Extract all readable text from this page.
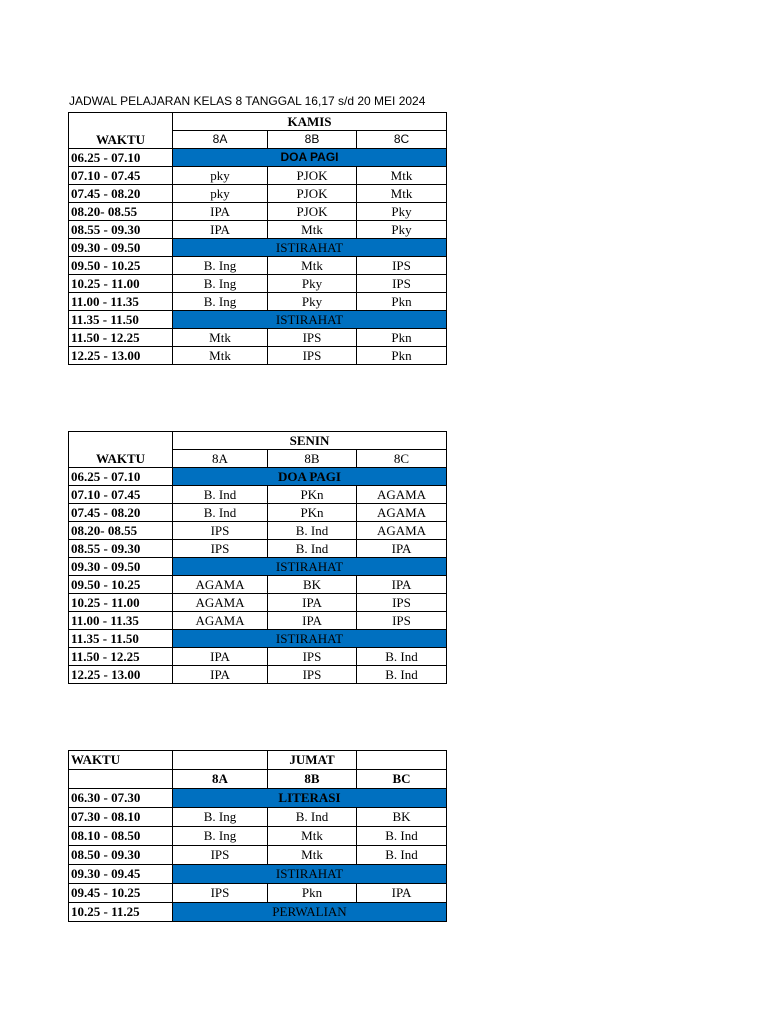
JADWAL PELAJARAN KELAS 8 TANGGAL 16,17 s/d 20 MEI 2024
WAKTU	KAMIS		
	8A	8B	8C
06.25 - 07.10	DOA PAGI		
07.10 - 07.45	pky	PJOK	Mtk
07.45 - 08.20	pky	PJOK	Mtk
08.20- 08.55	IPA	PJOK	Pky
08.55 - 09.30	IPA	Mtk	Pky
09.30 - 09.50	ISTIRAHAT		
09.50 - 10.25	B. Ing	Mtk	IPS
10.25 - 11.00	B. Ing	Pky	IPS
11.00 - 11.35	B. Ing	Pky	Pkn
11.35 - 11.50	ISTIRAHAT		
11.50 - 12.25	Mtk	IPS	Pkn
12.25 - 13.00	Mtk	IPS	Pkn
WAKTU	SENIN		
	8A	8B	8C
06.25 - 07.10	DOA PAGI		
07.10 - 07.45	B. Ind	PKn	AGAMA
07.45 - 08.20	B. Ind	PKn	AGAMA
08.20- 08.55	IPS	B. Ind	AGAMA
08.55 - 09.30	IPS	B. Ind	IPA
09.30 - 09.50	ISTIRAHAT		
09.50 - 10.25	AGAMA	BK	IPA
10.25 - 11.00	AGAMA	IPA	IPS
11.00 - 11.35	AGAMA	IPA	IPS
11.35 - 11.50	ISTIRAHAT		
11.50 - 12.25	IPA	IPS	B. Ind
12.25 - 13.00	IPA	IPS	B. Ind
WAKTU		JUMAT	
	8A	8B	BC
06.30 - 07.30	LITERASI		
07.30 - 08.10	B. Ing	B. Ind	BK
08.10 - 08.50	B. Ing	Mtk	B. Ind
08.50 - 09.30	IPS	Mtk	B. Ind
09.30 - 09.45	ISTIRAHAT		
09.45 - 10.25	IPS	Pkn	IPA
10.25 - 11.25	PERWALIAN		
